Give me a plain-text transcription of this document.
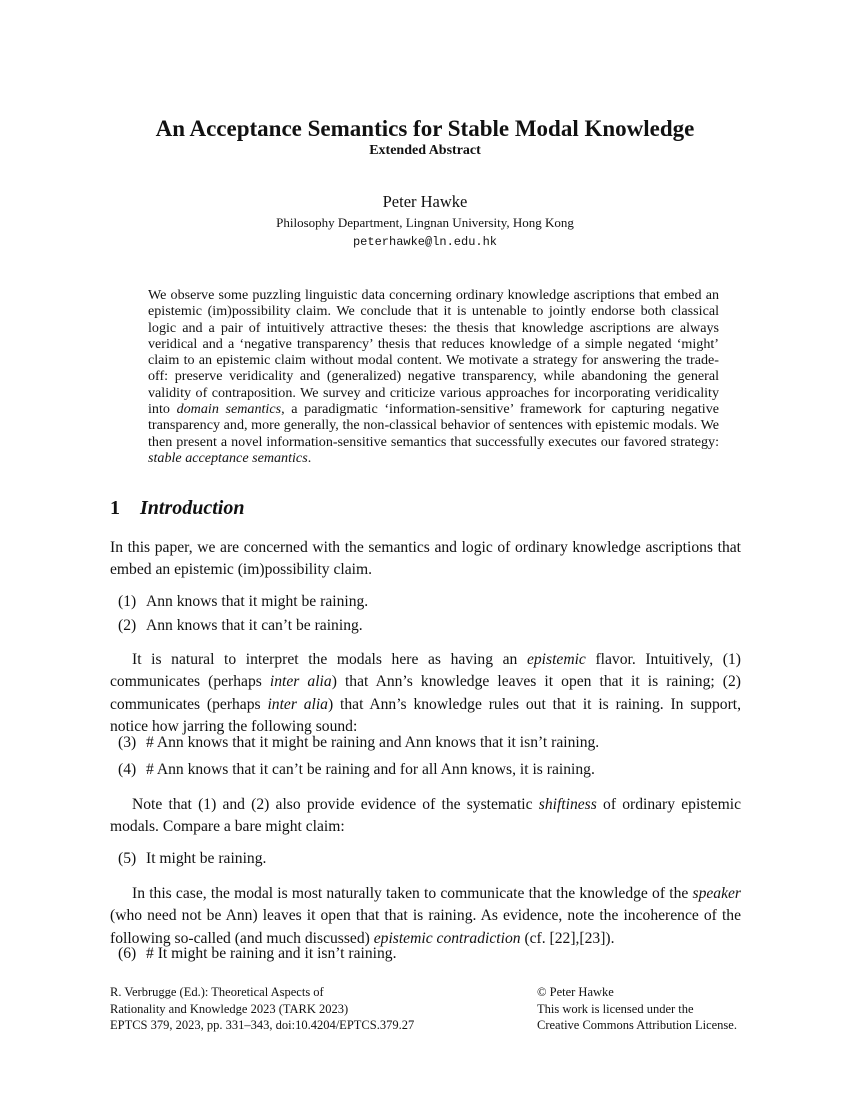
An Acceptance Semantics for Stable Modal Knowledge
Extended Abstract
Peter Hawke
Philosophy Department, Lingnan University, Hong Kong
peterhawke@ln.edu.hk
We observe some puzzling linguistic data concerning ordinary knowledge ascriptions that embed an epistemic (im)possibility claim. We conclude that it is untenable to jointly endorse both classical logic and a pair of intuitively attractive theses: the thesis that knowledge ascriptions are always veridical and a ‘negative transparency’ thesis that reduces knowledge of a simple negated ‘might’ claim to an epistemic claim without modal content. We motivate a strategy for answering the trade-off: preserve veridicality and (generalized) negative transparency, while abandoning the general validity of contraposition. We survey and criticize various approaches for incorporating veridicality into domain semantics, a paradigmatic ‘information-sensitive’ framework for capturing negative transparency and, more generally, the non-classical behavior of sentences with epistemic modals. We then present a novel information-sensitive semantics that successfully executes our favored strategy: stable acceptance semantics.
1 Introduction
In this paper, we are concerned with the semantics and logic of ordinary knowledge ascriptions that embed an epistemic (im)possibility claim.
(1) Ann knows that it might be raining.
(2) Ann knows that it can’t be raining.
It is natural to interpret the modals here as having an epistemic flavor. Intuitively, (1) communicates (perhaps inter alia) that Ann’s knowledge leaves it open that it is raining; (2) communicates (perhaps inter alia) that Ann’s knowledge rules out that it is raining. In support, notice how jarring the following sound:
(3) # Ann knows that it might be raining and Ann knows that it isn’t raining.
(4) # Ann knows that it can’t be raining and for all Ann knows, it is raining.
Note that (1) and (2) also provide evidence of the systematic shiftiness of ordinary epistemic modals. Compare a bare might claim:
(5) It might be raining.
In this case, the modal is most naturally taken to communicate that the knowledge of the speaker (who need not be Ann) leaves it open that that is raining. As evidence, note the incoherence of the following so-called (and much discussed) epistemic contradiction (cf. [22],[23]).
(6) # It might be raining and it isn’t raining.
R. Verbrugge (Ed.): Theoretical Aspects of
Rationality and Knowledge 2023 (TARK 2023)
EPTCS 379, 2023, pp. 331–343, doi:10.4204/EPTCS.379.27
© Peter Hawke
This work is licensed under the
Creative Commons Attribution License.
